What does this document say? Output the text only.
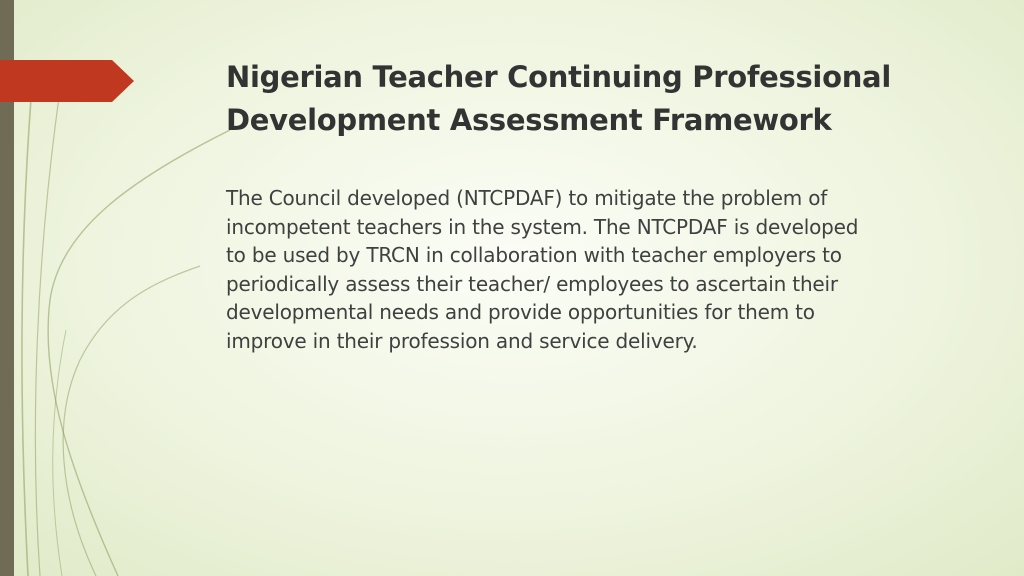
Nigerian Teacher Continuing Professional
Development Assessment Framework

The Council developed (NTCPDAF) to mitigate the problem of
incompetent teachers in the system. The NTCPDAF is developed
to be used by TRCN in collaboration with teacher employers to
periodically assess their teacher/ employees to ascertain their
developmental needs and provide opportunities for them to
improve in their profession and service delivery.
